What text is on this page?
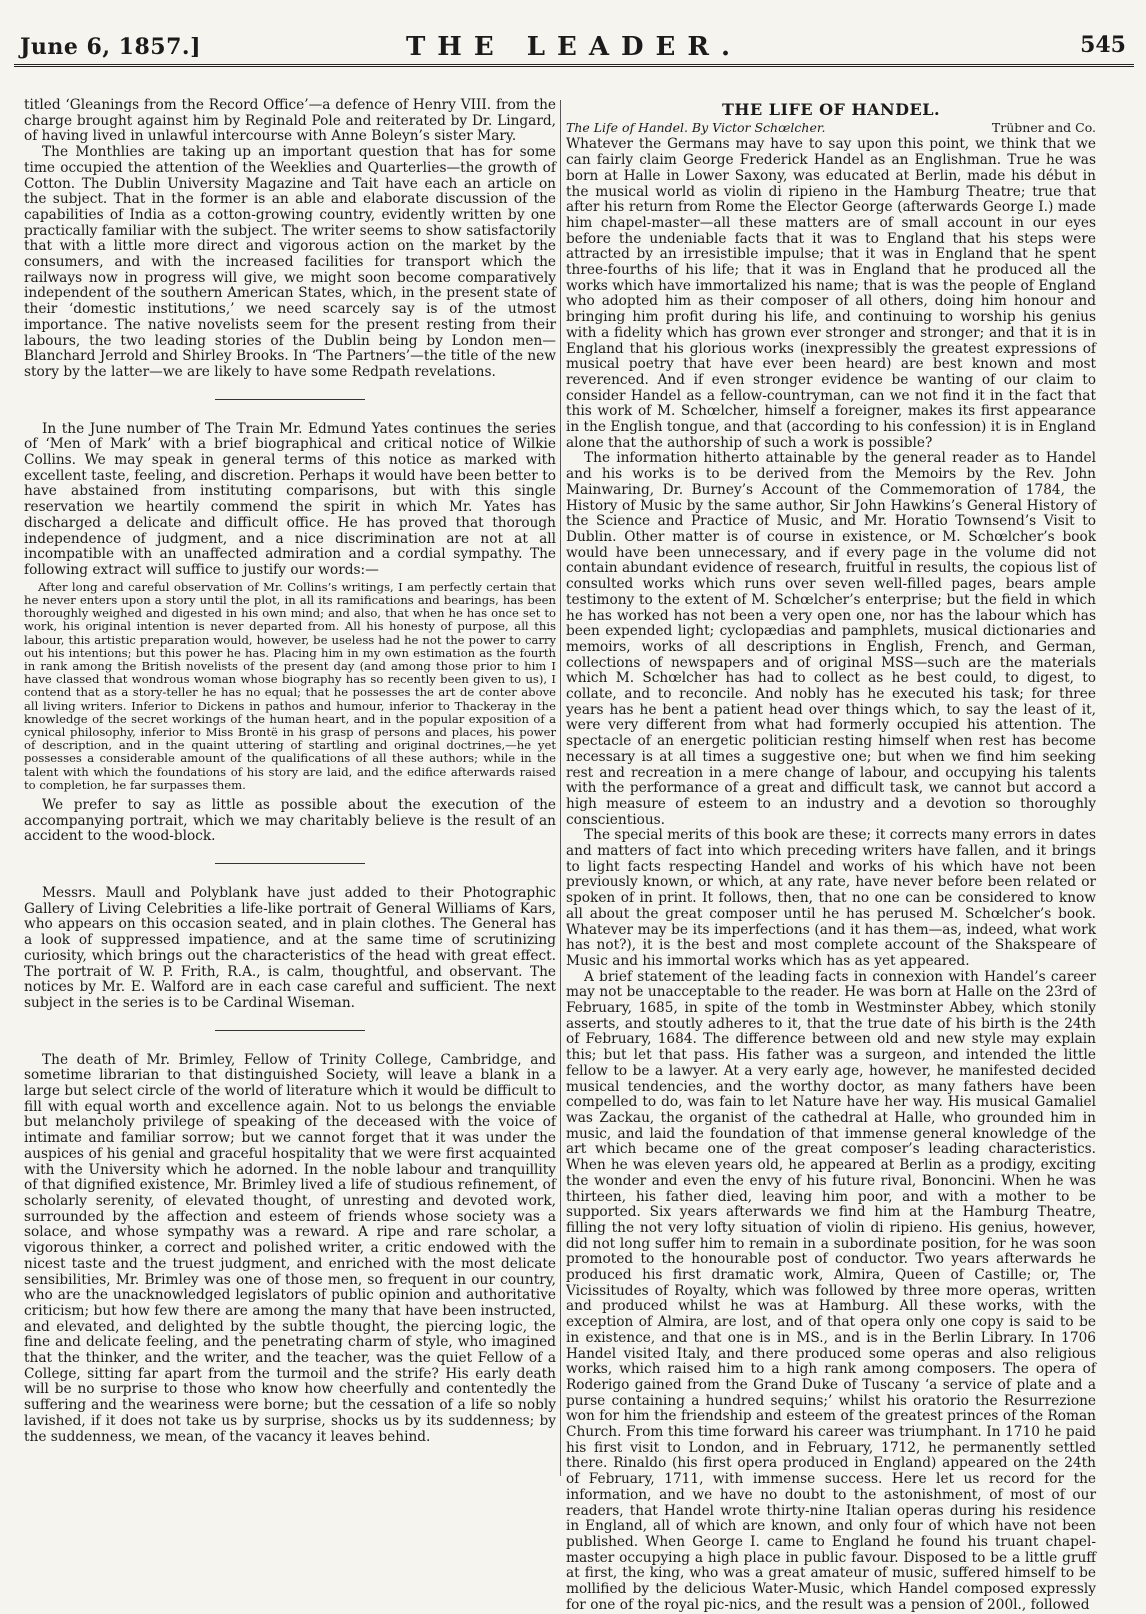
June 6, 1857.]	THE LEADER.	545

titled ‘Gleanings from the Record Office’—a defence of Henry VIII. from the charge brought against him by Reginald Pole and reiterated by Dr. Lingard, of having lived in unlawful intercourse with Anne Boleyn’s sister Mary.

The Monthlies are taking up an important question that has for some time occupied the attention of the Weeklies and Quarterlies—the growth of Cotton. The Dublin University Magazine and Tait have each an article on the subject. That in the former is an able and elaborate discussion of the capabilities of India as a cotton-growing country, evidently written by one practically familiar with the subject. The writer seems to show satisfactorily that with a little more direct and vigorous action on the market by the consumers, and with the increased facilities for transport which the railways now in progress will give, we might soon become comparatively independent of the southern American States, which, in the present state of their ‘domestic institutions,’ we need scarcely say is of the utmost importance. The native novelists seem for the present resting from their labours, the two leading stories of the Dublin being by London men—Blanchard Jerrold and Shirley Brooks. In ‘The Partners’—the title of the new story by the latter—we are likely to have some Redpath revelations.

In the June number of The Train Mr. Edmund Yates continues the series of ‘Men of Mark’ with a brief biographical and critical notice of Wilkie Collins. We may speak in general terms of this notice as marked with excellent taste, feeling, and discretion. Perhaps it would have been better to have abstained from instituting comparisons, but with this single reservation we heartily commend the spirit in which Mr. Yates has discharged a delicate and difficult office. He has proved that thorough independence of judgment, and a nice discrimination are not at all incompatible with an unaffected admiration and a cordial sympathy. The following extract will suffice to justify our words:—

After long and careful observation of Mr. Collins’s writings, I am perfectly certain that he never enters upon a story until the plot, in all its ramifications and bearings, has been thoroughly weighed and digested in his own mind; and also, that when he has once set to work, his original intention is never departed from. All his honesty of purpose, all this labour, this artistic preparation would, however, be useless had he not the power to carry out his intentions; but this power he has. Placing him in my own estimation as the fourth in rank among the British novelists of the present day (and among those prior to him I have classed that wondrous woman whose biography has so recently been given to us), I contend that as a story-teller he has no equal; that he possesses the art de conter above all living writers. Inferior to Dickens in pathos and humour, inferior to Thackeray in the knowledge of the secret workings of the human heart, and in the popular exposition of a cynical philosophy, inferior to Miss Brontë in his grasp of persons and places, his power of description, and in the quaint uttering of startling and original doctrines,—he yet possesses a considerable amount of the qualifications of all these authors; while in the talent with which the foundations of his story are laid, and the edifice afterwards raised to completion, he far surpasses them.

We prefer to say as little as possible about the execution of the accompanying portrait, which we may charitably believe is the result of an accident to the wood-block.

Messrs. Maull and Polyblank have just added to their Photographic Gallery of Living Celebrities a life-like portrait of General Williams of Kars, who appears on this occasion seated, and in plain clothes. The General has a look of suppressed impatience, and at the same time of scrutinizing curiosity, which brings out the characteristics of the head with great effect. The portrait of W. P. Frith, R.A., is calm, thoughtful, and observant. The notices by Mr. E. Walford are in each case careful and sufficient. The next subject in the series is to be Cardinal Wiseman.

The death of Mr. Brimley, Fellow of Trinity College, Cambridge, and sometime librarian to that distinguished Society, will leave a blank in a large but select circle of the world of literature which it would be difficult to fill with equal worth and excellence again. Not to us belongs the enviable but melancholy privilege of speaking of the deceased with the voice of intimate and familiar sorrow; but we cannot forget that it was under the auspices of his genial and graceful hospitality that we were first acquainted with the University which he adorned. In the noble labour and tranquillity of that dignified existence, Mr. Brimley lived a life of studious refinement, of scholarly serenity, of elevated thought, of unresting and devoted work, surrounded by the affection and esteem of friends whose society was a solace, and whose sympathy was a reward. A ripe and rare scholar, a vigorous thinker, a correct and polished writer, a critic endowed with the nicest taste and the truest judgment, and enriched with the most delicate sensibilities, Mr. Brimley was one of those men, so frequent in our country, who are the unacknowledged legislators of public opinion and authoritative criticism; but how few there are among the many that have been instructed, and elevated, and delighted by the subtle thought, the piercing logic, the fine and delicate feeling, and the penetrating charm of style, who imagined that the thinker, and the writer, and the teacher, was the quiet Fellow of a College, sitting far apart from the turmoil and the strife? His early death will be no surprise to those who know how cheerfully and contentedly the suffering and the weariness were borne; but the cessation of a life so nobly lavished, if it does not take us by surprise, shocks us by its suddenness; by the suddenness, we mean, of the vacancy it leaves behind.

THE LIFE OF HANDEL.
The Life of Handel. By Victor Schœlcher.	Trübner and Co.

Whatever the Germans may have to say upon this point, we think that we can fairly claim George Frederick Handel as an Englishman. True he was born at Halle in Lower Saxony, was educated at Berlin, made his début in the musical world as violin di ripieno in the Hamburg Theatre; true that after his return from Rome the Elector George (afterwards George I.) made him chapel-master—all these matters are of small account in our eyes before the undeniable facts that it was to England that his steps were attracted by an irresistible impulse; that it was in England that he spent three-fourths of his life; that it was in England that he produced all the works which have immortalized his name; that is was the people of England who adopted him as their composer of all others, doing him honour and bringing him profit during his life, and continuing to worship his genius with a fidelity which has grown ever stronger and stronger; and that it is in England that his glorious works (inexpressibly the greatest expressions of musical poetry that have ever been heard) are best known and most reverenced. And if even stronger evidence be wanting of our claim to consider Handel as a fellow-countryman, can we not find it in the fact that this work of M. Schœlcher, himself a foreigner, makes its first appearance in the English tongue, and that (according to his confession) it is in England alone that the authorship of such a work is possible?

The information hitherto attainable by the general reader as to Handel and his works is to be derived from the Memoirs by the Rev. John Mainwaring, Dr. Burney’s Account of the Commemoration of 1784, the History of Music by the same author, Sir John Hawkins’s General History of the Science and Practice of Music, and Mr. Horatio Townsend’s Visit to Dublin. Other matter is of course in existence, or M. Schœlcher’s book would have been unnecessary, and if every page in the volume did not contain abundant evidence of research, fruitful in results, the copious list of consulted works which runs over seven well-filled pages, bears ample testimony to the extent of M. Schœlcher’s enterprise; but the field in which he has worked has not been a very open one, nor has the labour which has been expended light; cyclopædias and pamphlets, musical dictionaries and memoirs, works of all descriptions in English, French, and German, collections of newspapers and of original MSS—such are the materials which M. Schœlcher has had to collect as he best could, to digest, to collate, and to reconcile. And nobly has he executed his task; for three years has he bent a patient head over things which, to say the least of it, were very different from what had formerly occupied his attention. The spectacle of an energetic politician resting himself when rest has become necessary is at all times a suggestive one; but when we find him seeking rest and recreation in a mere change of labour, and occupying his talents with the performance of a great and difficult task, we cannot but accord a high measure of esteem to an industry and a devotion so thoroughly conscientious.

The special merits of this book are these; it corrects many errors in dates and matters of fact into which preceding writers have fallen, and it brings to light facts respecting Handel and works of his which have not been previously known, or which, at any rate, have never before been related or spoken of in print. It follows, then, that no one can be considered to know all about the great composer until he has perused M. Schœlcher’s book. Whatever may be its imperfections (and it has them—as, indeed, what work has not?), it is the best and most complete account of the Shakspeare of Music and his immortal works which has as yet appeared.

A brief statement of the leading facts in connexion with Handel’s career may not be unacceptable to the reader. He was born at Halle on the 23rd of February, 1685, in spite of the tomb in Westminster Abbey, which stonily asserts, and stoutly adheres to it, that the true date of his birth is the 24th of February, 1684. The difference between old and new style may explain this; but let that pass. His father was a surgeon, and intended the little fellow to be a lawyer. At a very early age, however, he manifested decided musical tendencies, and the worthy doctor, as many fathers have been compelled to do, was fain to let Nature have her way. His musical Gamaliel was Zackau, the organist of the cathedral at Halle, who grounded him in music, and laid the foundation of that immense general knowledge of the art which became one of the great composer’s leading characteristics. When he was eleven years old, he appeared at Berlin as a prodigy, exciting the wonder and even the envy of his future rival, Bononcini. When he was thirteen, his father died, leaving him poor, and with a mother to be supported. Six years afterwards we find him at the Hamburg Theatre, filling the not very lofty situation of violin di ripieno. His genius, however, did not long suffer him to remain in a subordinate position, for he was soon promoted to the honourable post of conductor. Two years afterwards he produced his first dramatic work, Almira, Queen of Castille; or, The Vicissitudes of Royalty, which was followed by three more operas, written and produced whilst he was at Hamburg. All these works, with the exception of Almira, are lost, and of that opera only one copy is said to be in existence, and that one is in MS., and is in the Berlin Library. In 1706 Handel visited Italy, and there produced some operas and also religious works, which raised him to a high rank among composers. The opera of Roderigo gained from the Grand Duke of Tuscany ‘a service of plate and a purse containing a hundred sequins;’ whilst his oratorio the Resurrezione won for him the friendship and esteem of the greatest princes of the Roman Church. From this time forward his career was triumphant. In 1710 he paid his first visit to London, and in February, 1712, he permanently settled there. Rinaldo (his first opera produced in England) appeared on the 24th of February, 1711, with immense success. Here let us record for the information, and we have no doubt to the astonishment, of most of our readers, that Handel wrote thirty-nine Italian operas during his residence in England, all of which are known, and only four of which have not been published. When George I. came to England he found his truant chapel-master occupying a high place in public favour. Disposed to be a little gruff at first, the king, who was a great amateur of music, suffered himself to be mollified by the delicious Water-Music, which Handel composed expressly for one of the royal pic-nics, and the result was a pension of 200l., followed
